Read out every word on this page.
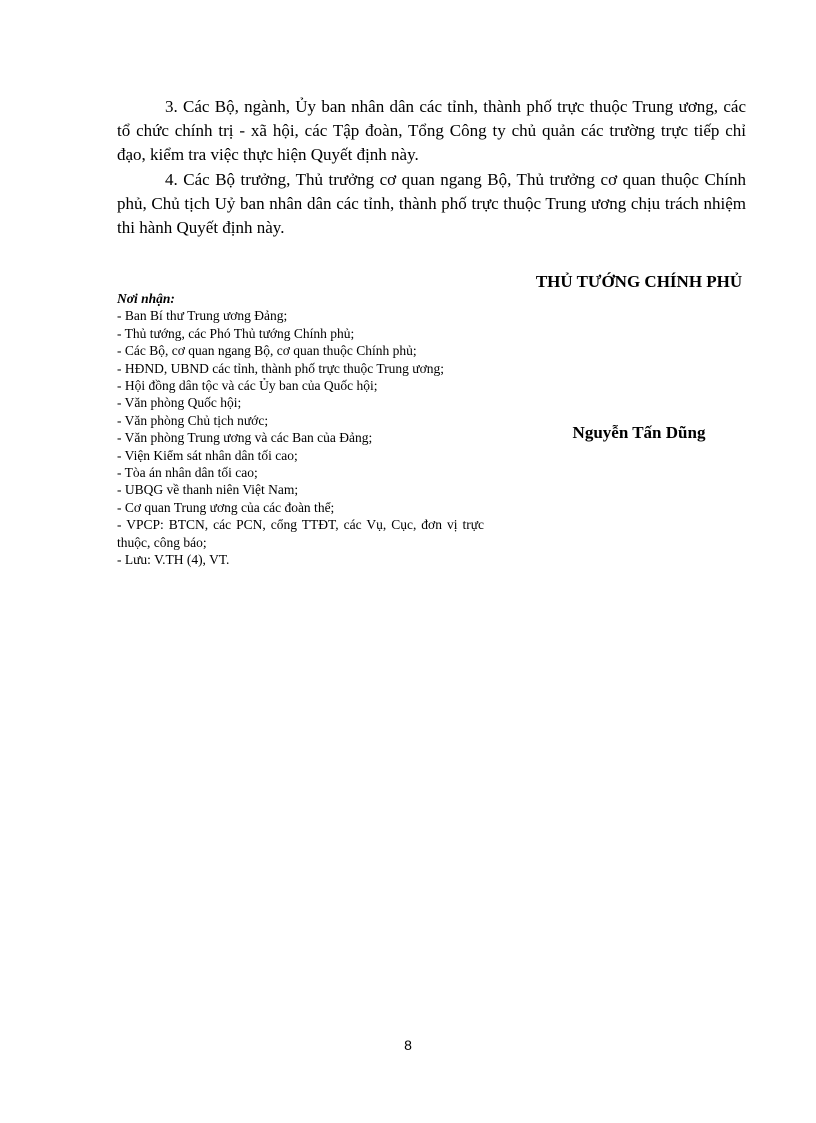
3. Các Bộ, ngành, Ủy ban nhân dân các tỉnh, thành phố trực thuộc Trung ương, các tổ chức chính trị - xã hội, các Tập đoàn, Tổng Công ty chủ quản các trường trực tiếp chỉ đạo, kiểm tra việc thực hiện Quyết định này.

4. Các Bộ trưởng, Thủ trưởng cơ quan ngang Bộ, Thủ trưởng cơ quan thuộc Chính phủ, Chủ tịch Uỷ ban nhân dân các tỉnh, thành phố trực thuộc Trung ương chịu trách nhiệm thi hành Quyết định này.

THỦ TƯỚNG CHÍNH PHỦ
Nguyễn Tấn Dũng

Nơi nhận:

- Ban Bí thư Trung ương Đảng;
- Thủ tướng, các Phó Thủ tướng Chính phủ;
- Các Bộ, cơ quan ngang Bộ, cơ quan thuộc Chính phủ;
- HĐND, UBND các tỉnh, thành phố trực thuộc Trung ương;
- Hội đồng dân tộc và các Ủy ban của Quốc hội;
- Văn phòng Quốc hội;
- Văn phòng Chủ tịch nước;
- Văn phòng Trung ương và các Ban của Đảng;
- Viện Kiểm sát nhân dân tối cao;
- Tòa án nhân dân tối cao;
- UBQG về thanh niên Việt Nam;
- Cơ quan Trung ương của các đoàn thể;
- VPCP: BTCN, các PCN, cổng TTĐT, các Vụ, Cục, đơn vị trực thuộc, công báo;
- Lưu: V.TH (4), VT.
8
